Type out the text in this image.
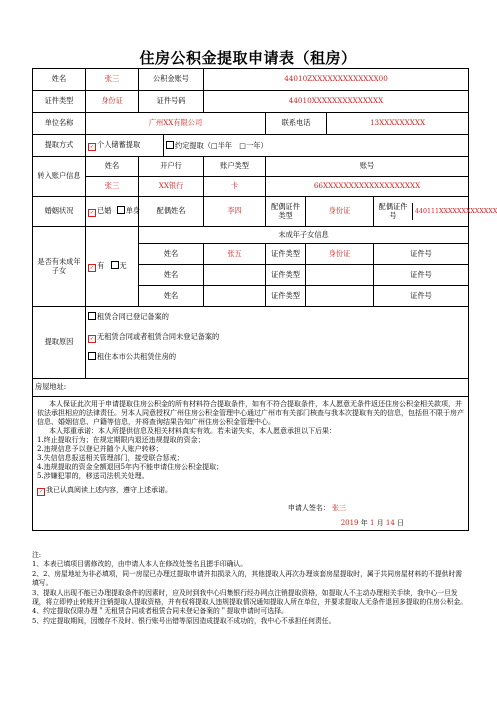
住房公积金提取申请表（租房）
姓名	张三	公积金账号	44010ZXXXXXXXXXXXXX00
证件类型	身份证	证件号码	44010XXXXXXXXXXXXXX
单位名称	广州XX有限公司	联系电话	13XXXXXXXXX
提取方式	✓ 个人储蓄提取	约定提取（□半年　□一年）
转入账户信息	姓名	开户行	账户类型	账号
张三	XX银行	卡	66XXXXXXXXXXXXXXXXXXX
婚姻状况	✓ 已婚 单身	配偶姓名	李四	配偶证件类型	身份证		配偶证件号	440111XXXXXXXXXXXXX

是否有未成年子女	✓ 有 无	未成年子女信息
姓名	张五	证件类型	身份证	证件号	
姓名		证件类型		证件号	
姓名		证件类型		证件号	
提取原因	
租赁合同已登记备案的
✓ 无租赁合同或者租赁合同未登记备案的
租住本市公共租赁住房的

房屋地址:

本人保证此次用于申请提取住房公积金的所有材料符合提取条件，如有不符合提取条件，本人愿意无条件返还住房公积金相关款项，并依法承担相应的法律责任。另本人同意授权广州住房公积金管理中心通过广州市有关部门核查与我本次提取有关的信息，包括但不限于房产信息、婚姻信息、户籍等信息，并将查询结果告知广州住房公积金管理中心。

本人郑重承诺：本人所提供信息及相关材料真实有效。若未诺失实，本人愿意承担以下后果：

1.终止提取行为；在规定期限内退还违规提取的资金；

2.违规信息予以登记并随个人账户转移；

3.失信信息报送相关管理部门，接受联合惩戒；

4.违规提取的资金全额退回5年内不能申请住房公积金提取；

5.涉嫌犯罪的，移送司法机关处理。

✓ 我已认真阅读上述内容，遵守上述承诺。

申请人签名： 张三

2019 年 1 月 14 日

注:

1、本表已填项目需修改的，由申请人本人在修改处签名且摁手印确认。

2、2、房屋地址为非必填项，同一房屋已办理过提取申请并扣损录入的，其他提取人再次办理该套房屋提取时，属于共同房屋材料的不提供时需填写。

3、提取人出现不能已办理提取条件的因素时，应及时到我中心归集银行经办网点注销提取资格，如提取人不主动办理相关手续，我中心一旦发现，将立即停止转账并注销提取人提取资格，并有权将提取人违规提取情况通知提取人所在单位，并要求提取人无条件退回多提取的住房公积金。

4、约定提取仅限办理＂无租赁合同或者租赁合同未登记备案的＂提取申请时可选择。

5、约定提取期间，因缴存不及时、银行账号出错等原因造成提取不成功的，我中心不承担任何责任。
